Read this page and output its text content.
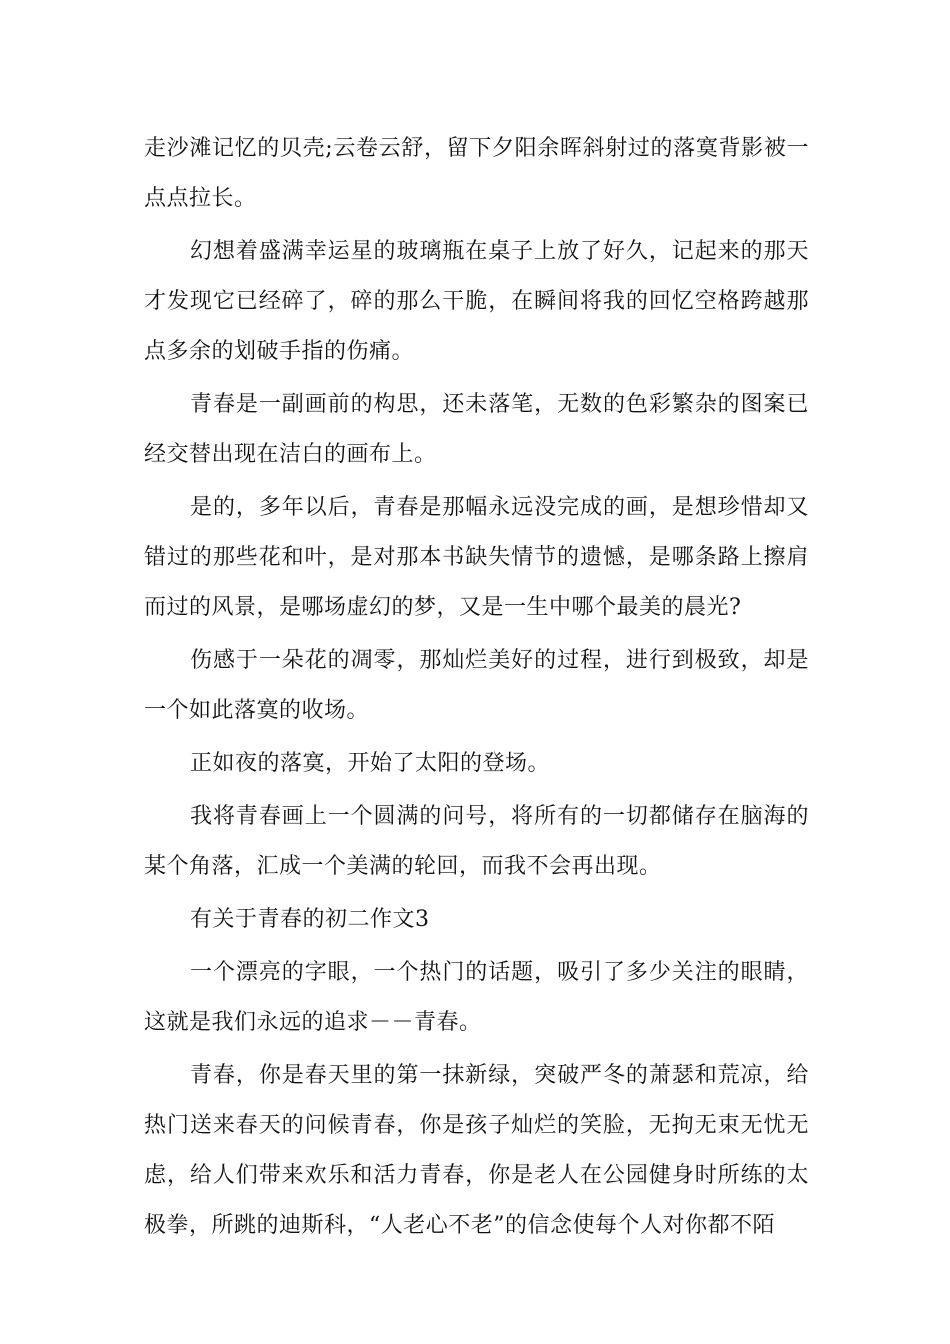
走沙滩记忆的贝壳;云卷云舒，留下夕阳余晖斜射过的落寞背影被一点点拉长。

幻想着盛满幸运星的玻璃瓶在桌子上放了好久，记起来的那天才发现它已经碎了，碎的那么干脆，在瞬间将我的回忆空格跨越那点多余的划破手指的伤痛。

青春是一副画前的构思，还未落笔，无数的色彩繁杂的图案已经交替出现在洁白的画布上。

是的，多年以后，青春是那幅永远没完成的画，是想珍惜却又错过的那些花和叶，是对那本书缺失情节的遗憾，是哪条路上擦肩而过的风景，是哪场虚幻的梦，又是一生中哪个最美的晨光?

伤感于一朵花的凋零，那灿烂美好的过程，进行到极致，却是一个如此落寞的收场。

正如夜的落寞，开始了太阳的登场。

我将青春画上一个圆满的问号，将所有的一切都储存在脑海的某个角落，汇成一个美满的轮回，而我不会再出现。

有关于青春的初二作文3

一个漂亮的字眼，一个热门的话题，吸引了多少关注的眼睛，这就是我们永远的追求－－青春。

青春，你是春天里的第一抹新绿，突破严冬的萧瑟和荒凉，给热门送来春天的问候青春，你是孩子灿烂的笑脸，无拘无束无忧无虑，给人们带来欢乐和活力青春，你是老人在公园健身时所练的太极拳，所跳的迪斯科，“人老心不老”的信念使每个人对你都不陌
